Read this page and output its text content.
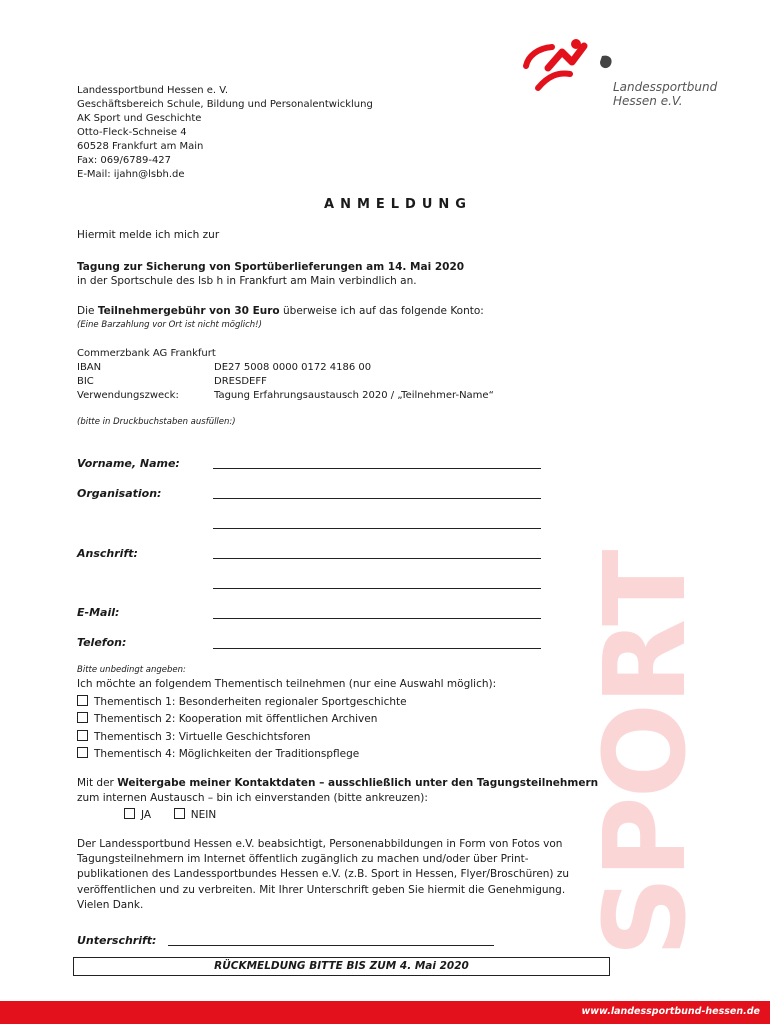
Landessportbund Hessen e. V.
Geschäftsbereich Schule, Bildung und Personalentwicklung
AK Sport und Geschichte
Otto-Fleck-Schneise 4
60528 Frankfurt am Main
Fax: 069/6789-427
E-Mail: ijahn@lsbh.de
Landessportbund
Hessen e.V.
ANMELDUNG
Hiermit melde ich mich zur
Tagung zur Sicherung von Sportüberlieferungen am 14. Mai 2020
in der Sportschule des lsb h in Frankfurt am Main verbindlich an.
Die Teilnehmergebühr von 30 Euro überweise ich auf das folgende Konto:
(Eine Barzahlung vor Ort ist nicht möglich!)
Commerzbank AG Frankfurt
IBAN	DE27 5008 0000 0172 4186 00
BIC	DRESDEFF
Verwendungszweck:	Tagung Erfahrungsaustausch 2020 / „Teilnehmer-Name“
(bitte in Druckbuchstaben ausfüllen:)
Vorname, Name:
Organisation:
Anschrift:
E-Mail:
Telefon:
Bitte unbedingt angeben:
Ich möchte an folgendem Thementisch teilnehmen (nur eine Auswahl möglich):
Thementisch 1: Besonderheiten regionaler Sportgeschichte
Thementisch 2: Kooperation mit öffentlichen Archiven
Thementisch 3: Virtuelle Geschichtsforen
Thementisch 4: Möglichkeiten der Traditionspflege
Mit der Weitergabe meiner Kontaktdaten – ausschließlich unter den Tagungsteilnehmern
zum internen Austausch – bin ich einverstanden (bitte ankreuzen):
JA	NEIN
Der Landessportbund Hessen e.V. beabsichtigt, Personenabbildungen in Form von Fotos von
Tagungsteilnehmern im Internet öffentlich zugänglich zu machen und/oder über Print-
publikationen des Landessportbundes Hessen e.V. (z.B. Sport in Hessen, Flyer/Broschüren) zu
veröffentlichen und zu verbreiten. Mit Ihrer Unterschrift geben Sie hiermit die Genehmigung.
Vielen Dank.
Unterschrift:
RÜCKMELDUNG BITTE BIS ZUM 4. Mai 2020
SPORT
www.landessportbund-hessen.de
